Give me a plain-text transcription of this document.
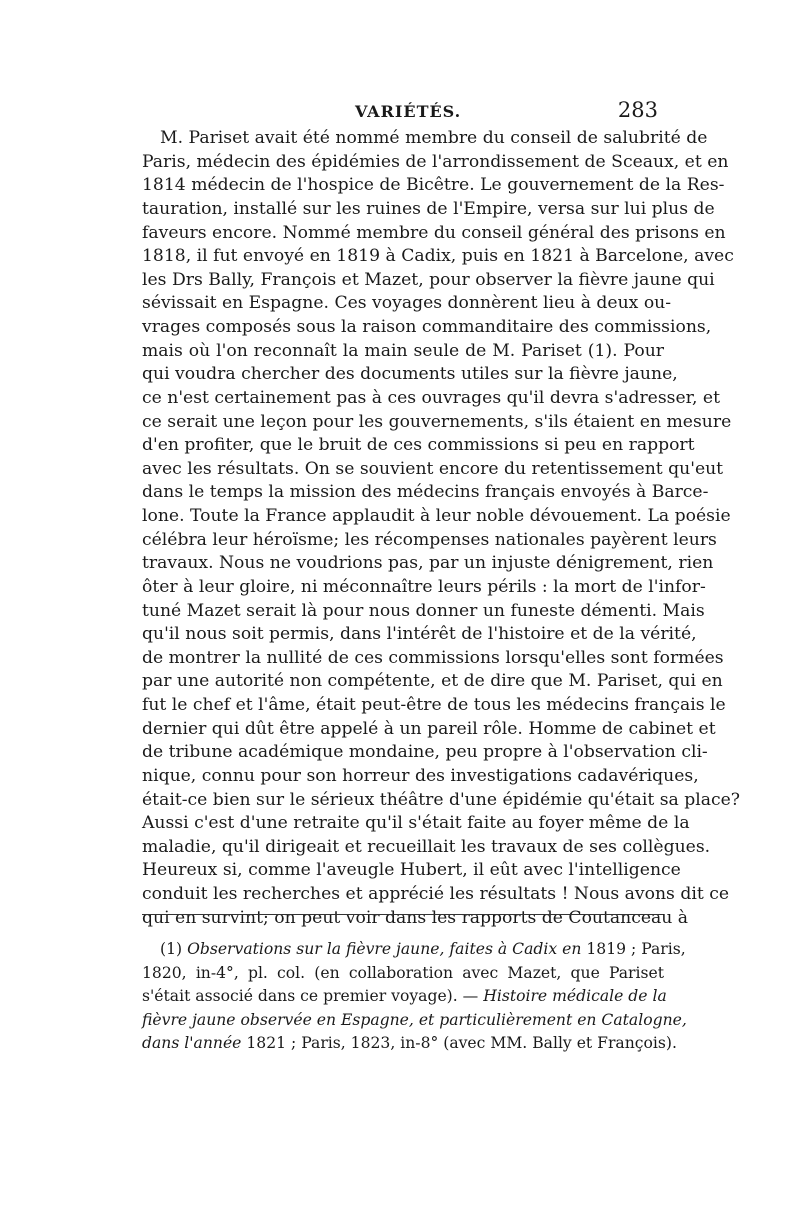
VARIÉTÉS.	283
M. Pariset avait été nommé membre du conseil de salubrité de
Paris, médecin des épidémies de l'arrondissement de Sceaux, et en
1814 médecin de l'hospice de Bicêtre. Le gouvernement de la Res-
tauration, installé sur les ruines de l'Empire, versa sur lui plus de
faveurs encore. Nommé membre du conseil général des prisons en
1818, il fut envoyé en 1819 à Cadix, puis en 1821 à Barcelone, avec
les Drs Bally, François et Mazet, pour observer la fièvre jaune qui
sévissait en Espagne. Ces voyages donnèrent lieu à deux ou-
vrages composés sous la raison commanditaire des commissions,
mais où l'on reconnaît la main seule de M. Pariset (1). Pour
qui voudra chercher des documents utiles sur la fièvre jaune,
ce n'est certainement pas à ces ouvrages qu'il devra s'adresser, et
ce serait une leçon pour les gouvernements, s'ils étaient en mesure
d'en profiter, que le bruit de ces commissions si peu en rapport
avec les résultats. On se souvient encore du retentissement qu'eut
dans le temps la mission des médecins français envoyés à Barce-
lone. Toute la France applaudit à leur noble dévouement. La poésie
célébra leur héroïsme; les récompenses nationales payèrent leurs
travaux. Nous ne voudrions pas, par un injuste dénigrement, rien
ôter à leur gloire, ni méconnaître leurs périls : la mort de l'infor-
tuné Mazet serait là pour nous donner un funeste démenti. Mais
qu'il nous soit permis, dans l'intérêt de l'histoire et de la vérité,
de montrer la nullité de ces commissions lorsqu'elles sont formées
par une autorité non compétente, et de dire que M. Pariset, qui en
fut le chef et l'âme, était peut-être de tous les médecins français le
dernier qui dût être appelé à un pareil rôle. Homme de cabinet et
de tribune académique mondaine, peu propre à l'observation cli-
nique, connu pour son horreur des investigations cadavériques,
était-ce bien sur le sérieux théâtre d'une épidémie qu'était sa place?
Aussi c'est d'une retraite qu'il s'était faite au foyer même de la
maladie, qu'il dirigeait et recueillait les travaux de ses collègues.
Heureux si, comme l'aveugle Hubert, il eût avec l'intelligence
conduit les recherches et apprécié les résultats ! Nous avons dit ce
qui en survint; on peut voir dans les rapports de Coutanceau à
(1) Observations sur la fièvre jaune, faites à Cadix en 1819 ; Paris,
1820, in-4°, pl. col. (en collaboration avec Mazet, que Pariset
s'était associé dans ce premier voyage). — Histoire médicale de la
fièvre jaune observée en Espagne, et particulièrement en Catalogne,
dans l'année 1821 ; Paris, 1823, in-8° (avec MM. Bally et François).
